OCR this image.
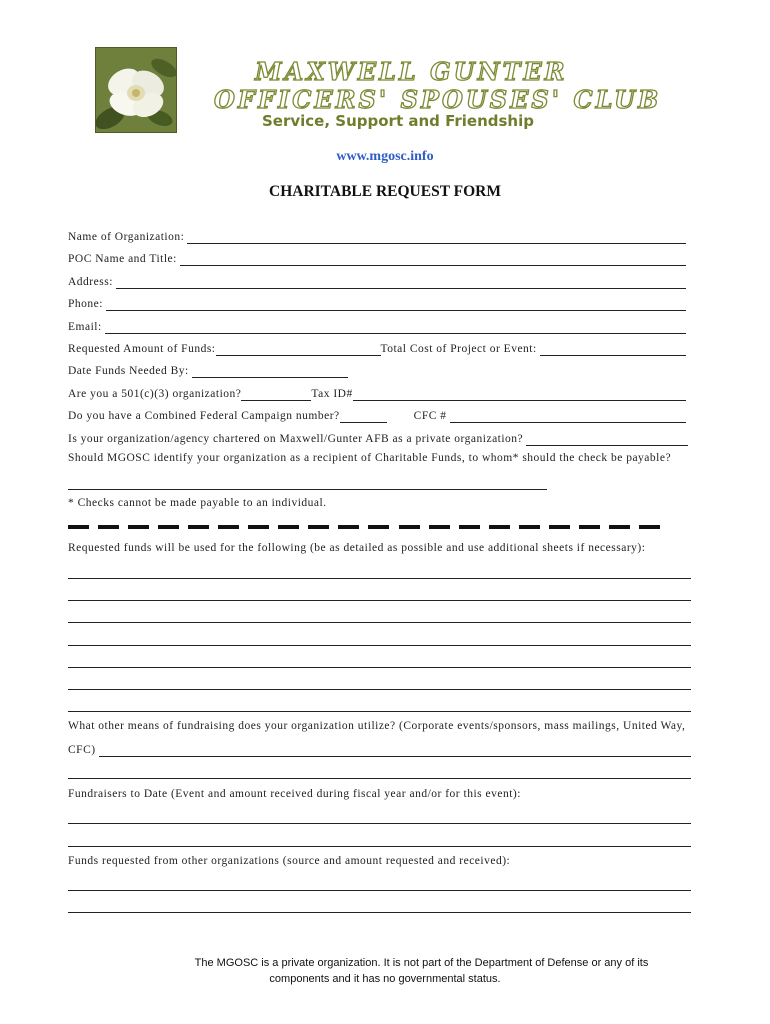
MAXWELL GUNTER
OFFICERS' SPOUSES' CLUB
Service, Support and Friendship
www.mgosc.info
CHARITABLE REQUEST FORM
Name of Organization:
POC Name and Title:
Address:
Phone:
Email:
Requested Amount of Funds:	Total Cost of Project or Event:
Date Funds Needed By:
Are you a 501(c)(3) organization?	Tax ID#
Do you have a Combined Federal Campaign number?	CFC #
Is your organization/agency chartered on Maxwell/Gunter AFB as a private organization?
Should MGOSC identify your organization as a recipient of Charitable Funds, to whom* should the check be payable?
* Checks cannot be made payable to an individual.
Requested funds will be used for the following (be as detailed as possible and use additional sheets if necessary):
What other means of fundraising does your organization utilize? (Corporate events/sponsors, mass mailings, United Way,
CFC)
Fundraisers to Date (Event and amount received during fiscal year and/or for this event):
Funds requested from other organizations (source and amount requested and received):
The MGOSC is a private organization. It is not part of the Department of Defense or any of its
components and it has no governmental status.
